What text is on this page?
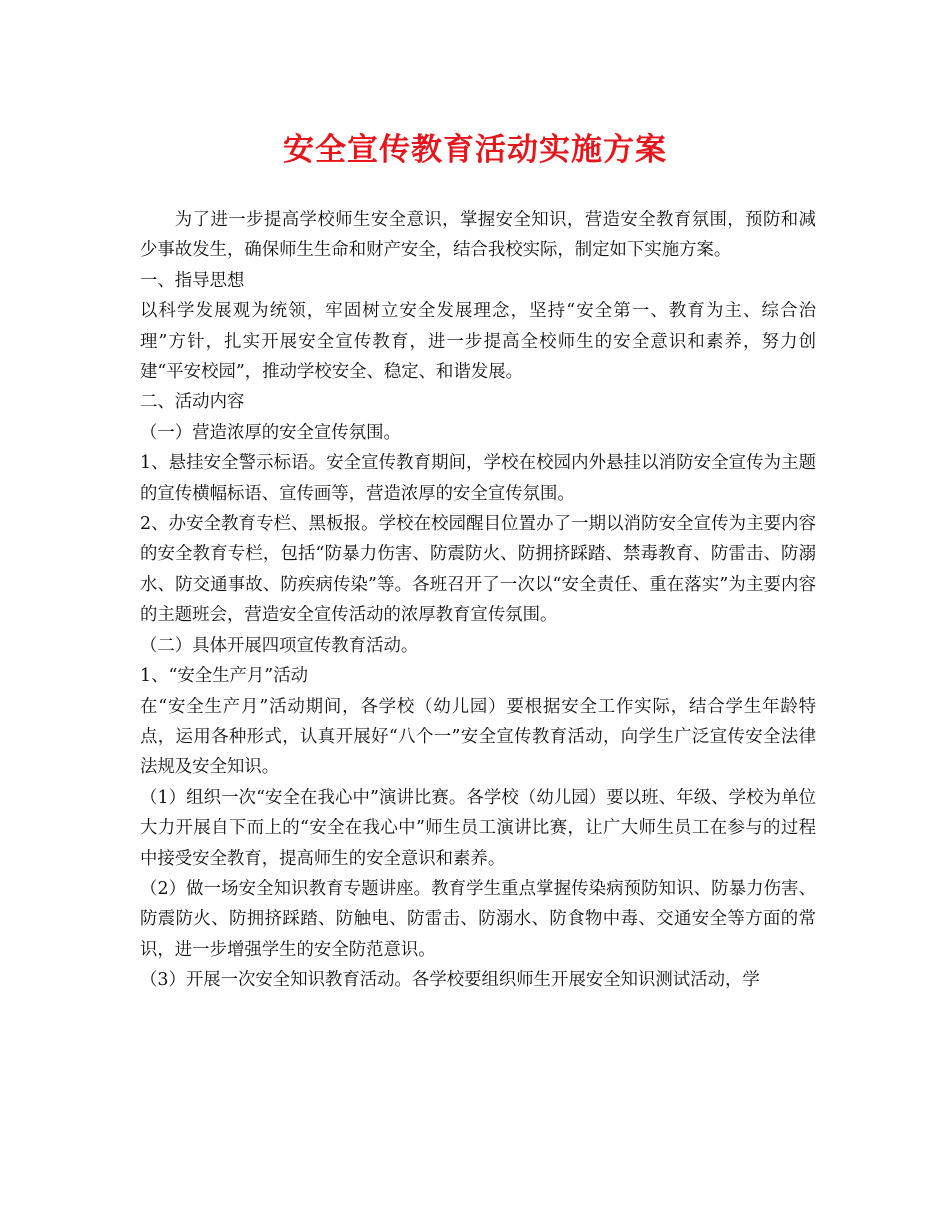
安全宣传教育活动实施方案

为了进一步提高学校师生安全意识，掌握安全知识，营造安全教育氛围，预防和减少事故发生，确保师生生命和财产安全，结合我校实际，制定如下实施方案。

一、指导思想

以科学发展观为统领，牢固树立安全发展理念，坚持“安全第一、教育为主、综合治理”方针，扎实开展安全宣传教育，进一步提高全校师生的安全意识和素养，努力创建“平安校园”，推动学校安全、稳定、和谐发展。

二、活动内容

（一）营造浓厚的安全宣传氛围。

1、悬挂安全警示标语。安全宣传教育期间，学校在校园内外悬挂以消防安全宣传为主题的宣传横幅标语、宣传画等，营造浓厚的安全宣传氛围。

2、办安全教育专栏、黑板报。学校在校园醒目位置办了一期以消防安全宣传为主要内容的安全教育专栏，包括“防暴力伤害、防震防火、防拥挤踩踏、禁毒教育、防雷击、防溺水、防交通事故、防疾病传染”等。各班召开了一次以“安全责任、重在落实”为主要内容的主题班会，营造安全宣传活动的浓厚教育宣传氛围。

（二）具体开展四项宣传教育活动。

1、“安全生产月”活动

在“安全生产月”活动期间，各学校（幼儿园）要根据安全工作实际，结合学生年龄特点，运用各种形式，认真开展好“八个一”安全宣传教育活动，向学生广泛宣传安全法律法规及安全知识。

（1）组织一次“安全在我心中”演讲比赛。各学校（幼儿园）要以班、年级、学校为单位大力开展自下而上的“安全在我心中”师生员工演讲比赛，让广大师生员工在参与的过程中接受安全教育，提高师生的安全意识和素养。

（2）做一场安全知识教育专题讲座。教育学生重点掌握传染病预防知识、防暴力伤害、防震防火、防拥挤踩踏、防触电、防雷击、防溺水、防食物中毒、交通安全等方面的常识，进一步增强学生的安全防范意识。

（3）开展一次安全知识教育活动。各学校要组织师生开展安全知识测试活动，学
